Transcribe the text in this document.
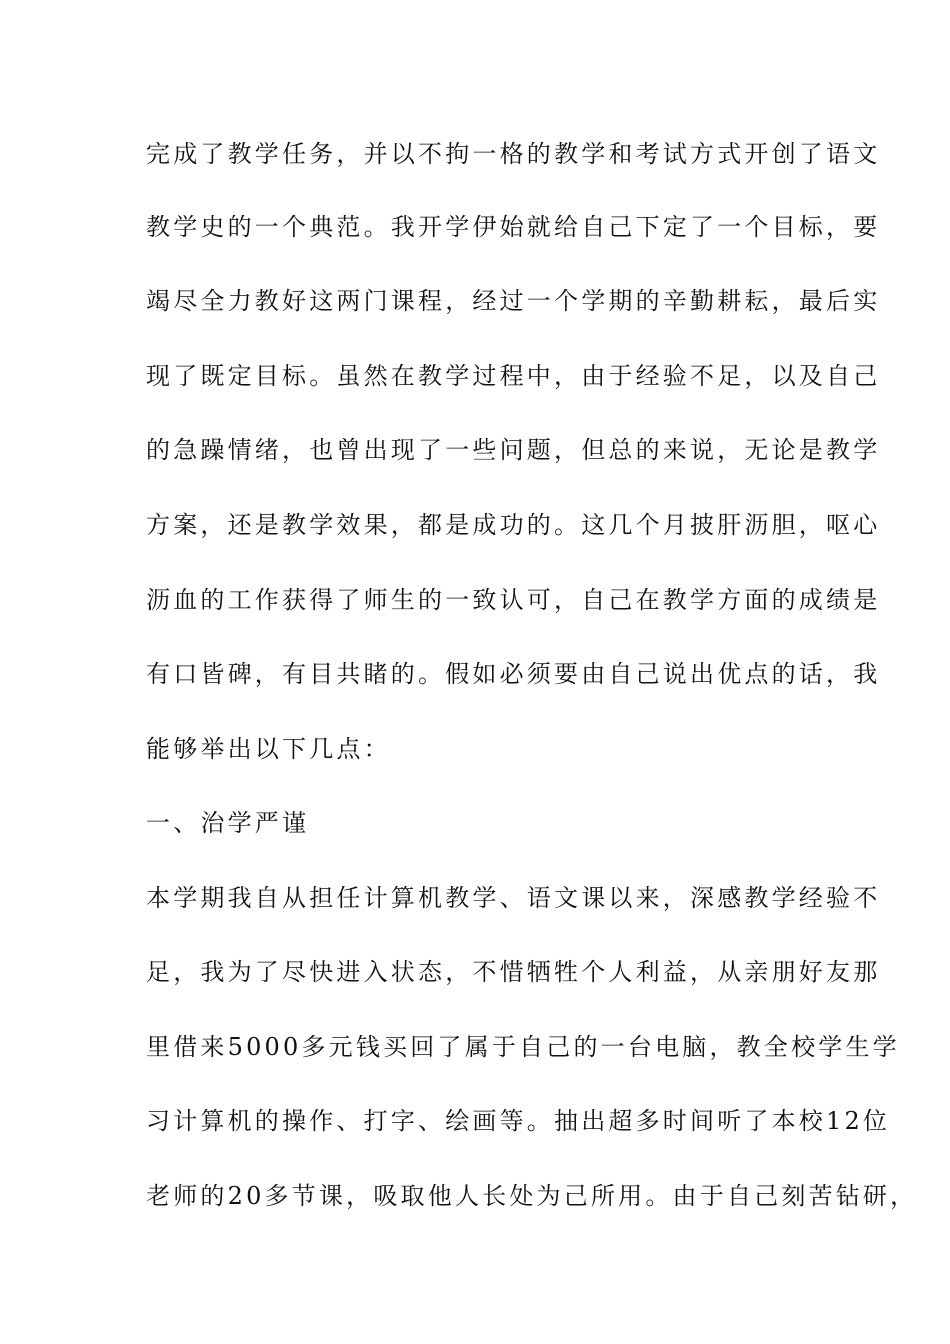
完成了教学任务，并以不拘一格的教学和考试方式开创了语文

教学史的一个典范。我开学伊始就给自己下定了一个目标，要

竭尽全力教好这两门课程，经过一个学期的辛勤耕耘，最后实

现了既定目标。虽然在教学过程中，由于经验不足，以及自己

的急躁情绪，也曾出现了一些问题，但总的来说，无论是教学

方案，还是教学效果，都是成功的。这几个月披肝沥胆，呕心

沥血的工作获得了师生的一致认可，自己在教学方面的成绩是

有口皆碑，有目共睹的。假如必须要由自己说出优点的话，我

能够举出以下几点：

一、治学严谨

本学期我自从担任计算机教学、语文课以来，深感教学经验不

足，我为了尽快进入状态，不惜牺牲个人利益，从亲朋好友那

里借来5000多元钱买回了属于自己的一台电脑，教全校学生学

习计算机的操作、打字、绘画等。抽出超多时间听了本校12位

老师的20多节课，吸取他人长处为己所用。由于自己刻苦钻研，
